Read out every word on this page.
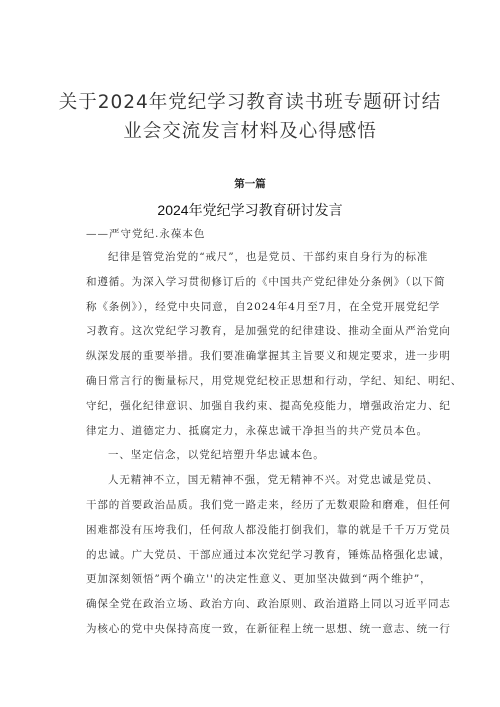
关于2024年党纪学习教育读书班专题研讨结
业会交流发言材料及心得感悟
第一篇
2024年党纪学习教育研讨发言
——严守党纪.永葆本色
纪律是管党治党的“戒尺”，也是党员、干部约束自身行为的标准
和遵循。为深入学习贯彻修订后的《中国共产党纪律处分条例》（以下简
称《条例》），经党中央同意，自2024年4月至7月，在全党开展党纪学
习教育。这次党纪学习教育，是加强党的纪律建设、推动全面从严治党向
纵深发展的重要举措。我们要准确掌握其主旨要义和规定要求，进一步明
确日常言行的衡量标尺，用党规党纪校正思想和行动，学纪、知纪、明纪、
守纪，强化纪律意识、加强自我约束、提高免疫能力，增强政治定力、纪
律定力、道德定力、抵腐定力，永葆忠诚干净担当的共产党员本色。
一、坚定信念，以党纪培塑升华忠诚本色。
人无精神不立，国无精神不强，党无精神不兴。对党忠诚是党员、
干部的首要政治品质。我们党一路走来，经历了无数艰险和磨难，但任何
困难都没有压垮我们，任何敌人都没能打倒我们，靠的就是千千万万党员
的忠诚。广大党员、干部应通过本次党纪学习教育，锤炼品格强化忠诚，
更加深刻领悟”两个确立''的决定性意义、更加坚决做到“两个维护”，
确保全党在政治立场、政治方向、政治原则、政治道路上同以习近平同志
为核心的党中央保持高度一致，在新征程上统一思想、统一意志、统一行
